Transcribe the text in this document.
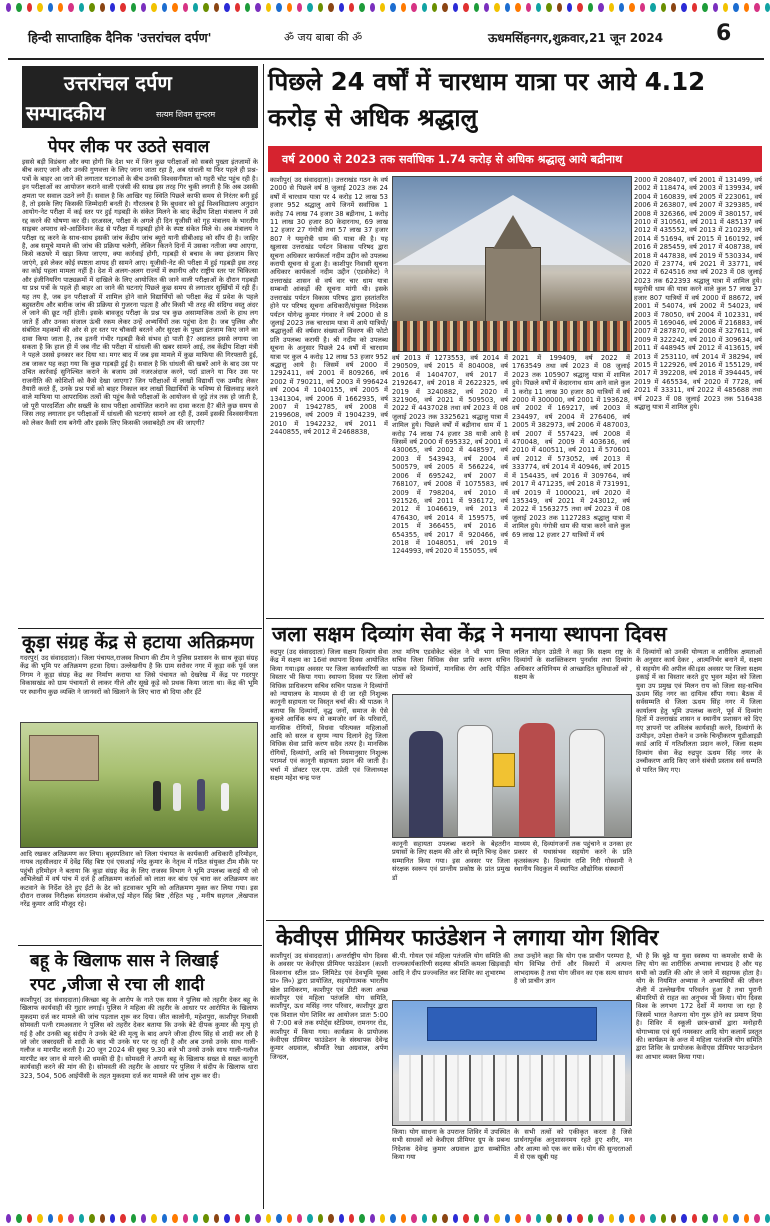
हिन्दी साप्ताहिक दैनिक 'उत्तरांचल दर्पण'	ॐ जय बाबा की ॐ	ऊधमसिंहनगर,शुक्रवार,21 जून 2024 6
उत्तरांचल दर्पण
सम्पादकीय	सत्यम शिवम सुन्दरम
पेपर लीक पर उठते सवाल
इससे बड़ी विडंबना और क्या होगी कि देश भर में जिन कुछ परीक्षाओं को सबसे पुख्ता इंतजामों के बीच कराए जाने और उनकी गुणवत्ता के लिए जाना जाता रहा है, अब धांधली या फिर पहले ही प्रश्न-पत्रों के बाहर आ जाने की लगातार घटनाओं के बीच उनकी विश्वसनीयता को गहरी चोट पहुंच रही है। इन परीक्षाओं का आयोजन कराने वाली एजंसी की साख इस तरह गिर चुकी लगती है कि अब उसकी क्षमता पर सवाल उठने लगे हैं। सवाल है कि आखिर यह स्थिति पिछले काफी समय से निरंतर बनी हुई है, तो इसके लिए किसकी जिम्मेदारी बनती है। गौरतलब है कि बुधवार को हुई विश्वविद्यालय अनुदान आयोग-नेट परीक्षा में कई स्तर पर हुई गड़बड़ी के संकेत मिलने के बाद केंद्रीय शिक्षा मंत्रालय ने उसे रद्द करने की घोषणा कर दी। दरअसल, परीक्षा के अगले ही दिन यूजीसी को गृह मंत्रालय के भारतीय साइबर अपराध को-आर्डिनेशन केंद्र से परीक्षा में गड़बड़ी होने के स्पष्ट संकेत मिले थे। अब मंत्रालय ने परीक्षा रद्द करने के साथ-साथ इसकी जांच केंद्रीय जांच ब्यूरो यानी सीबीआइ को सौंप दी है। जाहिर है, अब समूचे मामले की जांच की प्रक्रिया चलेगी, लेकिन कितने दिनों में उसका नतीजा क्या आएगा, किसे कठघरे में खड़ा किया जाएगा, क्या कार्रवाई होगी, गड़बड़ी से बचाव के क्या इंतजाम किए जाएंगे, इसे लेकर कोई स्पष्टता शायद ही सामने आए। यूजीसी-नेट की परीक्षा में हुई गड़बड़ी इस तरह का कोई पहला मामला नहीं है। देश में अलग-अलग राज्यों में स्थानीय और राष्ट्रीय स्तर पर चिकित्सा और इंजीनियरिंग पाठ्यक्रमों में दाखिले के लिए आयोजित की जाने वाली परीक्षाओं के दौरान गड़बड़ी या प्रश्न पत्रों के पहले ही बाहर आ जाने की घटनाएं पिछले कुछ समय से लगातार सुर्खियों में रही हैं। यह तय है, जब इन परीक्षाओं में शामिल होने वाले विद्यार्थियों को परीक्षा केंद्र में प्रवेश के पहले बहुस्तरीय और बारीक जांच की प्रक्रिया से गुजरना पड़ता है और किसी भी तरह की संदिग्ध वस्तु अंदर ले जाने की छूट नहीं होती। इसके बावजूद परीक्षा के प्रश्न पत्र कुछ असामाजिक तत्वों के हाथ लग जाते हैं और उनका संजाल ऊंची रकम लेकर उन्हें अभ्यर्थियों तक पहुंचा देता है। जब पुलिस और संबंधित महकमों की ओर से हर स्तर पर चौकसी बरतने और सुरक्षा के पुख्ता इंतजाम किए जाने का दावा किया जाता है, तब इतनी गंभीर गड़बड़ी कैसे संभव हो पाती है? अदालत इससे लगाया जा सकता है कि हाल ही में जब नीट की परीक्षा में धांधली की खबर सामने आई, तब केंद्रीय शिक्षा मंत्री ने पहले उससे इनकार कर दिया था। मगर बाद में जब इस मामले में कुछ माफिया की गिरफ्तारी हुई, तब जाकर यह कहा गया कि कुछ गड़बड़ी हुई है। सवाल है कि धांधली की खबरें आने के बाद उस पर उचित कार्रवाई सुनिश्चित कराने के बजाय उसे नजरअंदाज करने, पर्दा डालने या फिर उस पर राजनीति की कोशिशों को कैसे देखा जाएगा? जिन परीक्षाओं में लाखों विद्यार्थी एक उम्मीद लेकर तैयारी करते हैं, उनके प्रश्न पत्रों को बाहर निकाल कर लाखों विद्यार्थियों के भविष्य से खिलवाड़ करने वाले माफिया या आपराधिक तत्वों की पहुंच कैसे परीक्षाओं के आयोजन से जुड़े तंत्र तक हो जाती है, जो पूरी पारदर्शिता और सख्ती के साथ परीक्षा आयोजित कराने का दावा करता है? बीते कुछ समय से जिस तरह लगातार इन परीक्षाओं में धांधली की घटनाएं सामने आ रही हैं, उसमें इसकी विश्वसनीयता को लेकर कैसी राय बनेगी और इसके लिए किसकी जवाबदेही तय की जाएगी?
पिछले 24 वर्षों में चारधाम यात्रा पर आये 4.12 करोड़ से अधिक श्रद्धालु
वर्ष 2000 से 2023 तक सर्वाधिक 1.74 करोड़ से अधिक श्रद्धालु आये बद्रीनाथ
काशीपुर( उद संवाददाता)। उत्तराखंड गठन के वर्ष 2000 से पिछले वर्ष 8 जुलाई 2023 तक 24 वर्षों में चारधाम यात्रा पर 4 करोड़ 12 लाख 53 हजार 952 श्रद्धालु आये जिनमें सर्वाधिक 1 करोड़ 74 लाख 74 हजार 38 बद्रीनाथ, 1 करोड़ 11 लाख 30 हजार 80 केदारनाथ, 69 लाख 12 हजार 27 गंगोत्री तथा 57 लाख 37 हजार 807 ने यमुनोत्री धाम की यात्रा की है। यह खुलासा उत्तराखंड पर्यटन विकास परिषद द्वारा सूचना अधिकार कार्यकर्ता नदीम उद्दीन को उपलब्ध करायी सूचना से हुआ है। काशीपुर निवासी सूचना अधिकार कार्यकर्ता नदीम उद्दीन (एडवोकेट) ने उत्तराखंड शासन से वर्ष वार चार धाम यात्रा सम्बन्धी आंकड़ों की सूचना मांगी थी। इसके उत्तराखंड पर्यटन विकास परिषद द्वारा हस्तांतरित होने पर परिषद सूचना अधिकारी/संयुक्त निदेशक पर्यटन योगेन्द्र कुमार गंगवार ने वर्ष 2000 से 8 जुलाई 2023 तक चारधाम यात्रा में आये यात्रियों/श्रद्धालुओं की वर्षवार संख्याओं विवरण की फोटो प्रति उपलब्ध करायी है। श्री नदीम को उपलब्ध सूचना के अनुसार पिछले 24 वर्षों में चारधाम यात्रा पर कुल 4 करोड़ 12 लाख 53 हजार 952 श्रद्धालु आये है। जिसमें वर्ष 2000 में 1292411, वर्ष 2001 में 809266, वर्ष 2002 में 790211, वर्ष 2003 में 996424 वर्ष 2004 में 1040155, वर्ष 2005 में 1341304, वर्ष 2006 में 1662935, वर्ष 2007 में 1942785, वर्ष 2008 में 2199608, वर्ष 2009 में 1904239, वर्ष 2010 में 1942232, वर्ष 2011 में 2440855, वर्ष 2012 में 2468838,
2000 में 208407, वर्ष 2001 में 131499, वर्ष 2002 में 118474, वर्ष 2003 में 139934, वर्ष 2004 में 160839, वर्ष 2005 में 223061, वर्ष 2006 में 263807, वर्ष 2007 में 329385, वर्ष 2008 में 326366, वर्ष 2009 में 380157, वर्ष 2010 में 310561, वर्ष 2011 में 485137 वर्ष 2012 में 435552, वर्ष 2013 में 210239, वर्ष 2014 में 51694, वर्ष 2015 में 160192, वर्ष 2016 में 285459, वर्ष 2017 में 408738, वर्ष 2018 में 447838, वर्ष 2019 में 530334, वर्ष 2020 में 23774, वर्ष 2021 में 33771, वर्ष 2022 में 624516 तथा वर्ष 2023 में 08 जुलाई 2023 तक 622393 श्रद्धालु यात्रा में शामिल हुये। यमुनोत्री धाम की यात्रा करने वाले कुल 57 लाख 37 हजार 807 यात्रियों में वर्ष 2000 में 88672, वर्ष 2001 में 54074, वर्ष 2002 में 54023, वर्ष 2003 में 78050, वर्ष 2004 में 102331, वर्ष 2005 में 169046, वर्ष 2006 में 216883, वर्ष 2007 में 287870, वर्ष 2008 में 327611, वर्ष 2009 में 322242, वर्ष 2010 में 309634, वर्ष 2011 में 448945 वर्ष 2012 में 413615, वर्ष 2013 में 253110, वर्ष 2014 में 38294, वर्ष 2015 में 122926, वर्ष 2016 में 155129, वर्ष 2017 में 392208, वर्ष 2018 में 394445, वर्ष 2019 में 465534, वर्ष 2020 में 7728, वर्ष 2021 में 33311, वर्ष 2022 में 485688 तथा वर्ष 2023 में 08 जुलाई 2023 तक 516438 श्रद्धालु यात्रा में शामिल हुये।
वर्ष 2013 में 1273553, वर्ष 2014 में 290509, वर्ष 2015 में 804008, वर्ष 2016 में 1404707, वर्ष 2017 में 2192647, वर्ष 2018 में 2622325, वर्ष 2019 में 3240882, वर्ष 2020 में 321906, वर्ष 2021 में 509503, वर्ष 2022 में 4437028 तथा वर्ष 2023 में 08 जुलाई 2023 तक 3325621 श्रद्धालु यात्रा में शामिल हुये। पिछले वर्षों में बद्रीनाथ धाम में 1 करोड़ 74 लाख 74 हजार 38 यात्री आये है जिसमें वर्ष 2000 में 695332, वर्ष 2001 में 430065, वर्ष 2002 में 448597, वर्ष 2003 में 543943, वर्ष 2004 में 500579, वर्ष 2005 में 566224, वर्ष 2006 में 695242, वर्ष 2007 में 768107, वर्ष 2008 में 1075583, वर्ष 2009 में 798204, वर्ष 2010 में 921526, वर्ष 2011 में 936172, वर्ष 2012 में 1046619, वर्ष 2013 में 476430, वर्ष 2014 में 159575, वर्ष 2015 में 366455, वर्ष 2016 में 654355, वर्ष 2017 में 920466, वर्ष 2018 में 1048051, वर्ष 2019 में 1244993, वर्ष 2020 में 155055, वर्ष
2021 में 199409, वर्ष 2022 में 1763549 तथा वर्ष 2023 में 08 जुलाई 2023 तक 105907 श्रद्धालु यात्रा में शामिल हुये। पिछले वर्षों में केदारनाथ धाम आने वाले कुल 1 करोड़ 11 लाख 30 हजार 80 यात्रियों में वर्ष 2000 में 300000, वर्ष 2001 में 193628, वर्ष 2002 में 169217, वर्ष 2003 में 234497, वर्ष 2004 में 276406, वर्ष 2005 में 382973, वर्ष 2006 में 487003, वर्ष 2007 में 557423, वर्ष 2008 में 470048, वर्ष 2009 में 403636, वर्ष 2010 में 400511, वर्ष 2011 में 570601 वर्ष 2012 में 573052, वर्ष 2013 में 333774, वर्ष 2014 में 40946, वर्ष 2015 में 154435, वर्ष 2016 में 309764, वर्ष 2017 में 471235, वर्ष 2018 में 731991, वर्ष 2019 में 1000021, वर्ष 2020 में 135349, वर्ष 2021 में 243012, वर्ष 2022 में 1563275 तथा वर्ष 2023 में 08 जुलाई 2023 तक 1127283 श्रद्धालु यात्रा में शामिल हुये। गंगोत्री धाम की यात्रा करने वाले कुल 69 लाख 12 हजार 27 यात्रियों में वर्ष
कूड़ा संग्रह केंद्र से हटाया अतिक्रमण
गदरपुर( उद संवाददाता)। जिला पंचायत,राजस्व विभाग की टीम ने पुलिस प्रशासन के साथ कूड़ा संग्रह केंद्र की भूमि पर अतिक्रमण हटवा दिया। उल्लेखनीय है कि ग्राम सरोवर नगर में कूड़ा वर्क पूर्व जल निगम ने कूड़ा संग्रह केंद्र का निर्माण कराया था जिसे पंचायत को देखरेख में केंद्र पर गदरपुर विकासखंड को ग्राम पंचायतों से लाकर गीले और सूखे कूड़े को प्रथक किया जाता था। केंद्र की भूमि पर स्थानीय कुछ व्यक्ति ने जानवरों को खिलाने के लिए चारा बो दिया और ईंटें
आदि रखकर अतिक्रमण कर लिया। बृहस्पतिवार को जिला पंचायत के कार्यकारी अधिकारी हरिमोहन, नायब तहसीलदार में देवेंद्र सिंह बिष्ट एवं एसआई नरेंद्र कुमार के नेतृत्व में गठित संयुक्त टीम मौके पर पहुंची हरिमोहन ने बताया कि कूड़ा संग्रह केंद्र के लिए राजस्व विभाग ने भूमि उपलब्ध कराई थी जो अभिलेखों में वर्ष पांच में दर्ज है अतिक्रमण कर्ताओं को लाता कर बांध एवं चारा कर अतिक्रमण कर कटवाने के निर्देश देते हुए ईंटों के ढेर को हटवाकर भूमि को अतिक्रमण मुक्त कर लिया गया। इस दौरान राजस्व निरीक्षक संगतराम कंबोज,एई मोहन सिंह बिष्ट ,रोहित भट्ट , मनीष सहगल ,लेखपाल नरेंद्र कुमार आदि मौजूद रहे।
बहू के खिलाफ सास ने लिखाई
रपट ,जीजा से रचा ली शादी
काशीपुर( उद संवाददाता)।किच्छा बहू के आरोप के नाते एक सास ने पुलिस को तहरीर देकर बहू के खिलाफ कार्यवाही की गुहार लगाई। पुलिस ने महिला की तहरीर के आधार पर आरोपित के खिलाफ मुकदमा दर्ज कर मामले की जांच पड़ताल शुरू कर दिया। जीत कालोनी, महेशपुरा, काशीपुर निवासी सोमवती पत्नी रामअवतार ने पुलिस को तहरीर देकर बताया कि उनके बेटे दीपक कुमार की मृत्यु हो गई है और उनकी बहू संदीप ने उनके बेटे की मृत्यु के बाद अपने जीजा हीरय सिंह से शादी कर ली है जो जोर जबरदस्ती से शादी के बाद भी उनके घर पर रह रही है और अब उनसे उनके साथ गाली-गलौज व मारपीट करती है। 20 जून 2024 की सुबह 9.30 बजे भी उनसे उनके साथ गाली-गलौज मारपीट कर जान से मारने की धमकी दी है। सोमवती ने अपनी बहू के खिलाफ सख्त से सख्त कानूनी कार्यवाही करने की मांग की है। सोमवती की तहरीर के आधार पर पुलिस ने संदीप के खिलाफ धारा 323, 504, 506 आईपीसी के तहत मुकदमा दर्ज कर मामले की जांच शुरू कर दी।
जला सक्षम दिव्यांग सेवा केंद्र ने मनाया स्थापना दिवस
रुद्रपुर (उद संवाददाता) जिला सक्षम दिव्यांग सेवा केंद्र में सक्षम का 16वां स्थापना दिवस आयोजित किया गया।इस अवसर पर जिला कार्यकारिणी का विस्तार भी किया गया। स्थापना दिवस पर जिला विधिक प्राधिकरण सचिव सचिन पाठक ने दिव्यांगों को न्यायालय के माध्यम से दी जा रही निशुल्क कानूनी सहायता पर विस्तृत चर्चा की। श्री पाठक ने बताया कि दिव्यांगों, वृद्ध जनों, समाज के ऐसे कुचले आर्थिक रूप से कमजोर वर्ग के परिवारों, मानसिक रोगियों, विधवा परित्यक्त महिलाओं आदि को सरल व सुगम न्याय दिलाने हेतु जिला विधिक सेवा प्राधि करण सदैव तत्पर है। मानसिक रोगियों, दिव्यांगों, आदि को नियमानुसार निशुल्क परामर्श एवं कानूनी सहायता प्रदान की जाती है। चर्चा में डॉक्टर एल.एम. उप्रेती एवं जिलाध्यक्ष सक्षम महेश चन्द्र पन्त
तथा मनिष एडवोकेट चंदेल ने भी भाग लिया सचिव जिला विधिक सेवा प्राधि करण सचिन पाठक को दिव्यांगों, मानसिक रोग आदि पीड़ित लोगों को
ललित मोहन उप्रेती ने कहा कि सक्षम राष्ट्र के दिव्यांगों के सशक्तिकरण पुनर्वास तथा दिव्यांग अधिकार अधिनियम से आच्छादित सुविधाओं को , सक्षम के
कानूनी सहायता उपलब्ध कराने के बेहतरीन प्रयासों के लिए सक्षम की ओर से स्मृति चिन्ह देकर सम्मानित किया गया। इस अवसर पर जिला संरक्षक स्वरूप एवं प्रान्तीय प्रकोष्ठ के प्रांत प्रमुख डॉ
माध्यम से, दिव्यांगजनों तक पहुंचाने व उनका हर प्रकार से यथासंभव सहयोग करने के प्रति कृतसंकल्प है। दिव्यांग राशि गिरी गोस्वामी ने स्थानीय विदकुल में स्थापित औद्योगिक संस्थानों
में दिव्यांगों को उनकी योग्यता व शारीरिक क्षमताओं के अनुसार कार्य देकर , आत्मनिर्भर बनाने में, सक्षम से सहयोग की अपील की।इस अवसर पर जिला सक्षम इकाई में का विस्तार करते हुए भुवन महेश को जिला युवा उप प्रमुख एवं मिलन राय को जिला सह-सचिव ऊधम सिंह नगर का दायित्व सौंपा गया। बैठक में सर्वसम्मति से जिला ऊधम सिंह नगर में जिला कार्यालय हेतु भूमि उपलब्ध कराने, पूर्व में दिव्यांग हितों में उत्तराखंड शासन व स्थानीय प्रशासन को दिए गए ज्ञापनों पर अविलंब कार्यवाही करने, दिव्यांगों के उत्पीड़न, उपेक्षा रोकने व उनके चिन्हीकरण यूडीआइडी कार्ड आदि में गतिशीलता प्रदान करने, जिला सक्षम दिव्यांग सेवा केंद्र रुद्रपुर ऊधम सिंह नगर के उच्चीकरण आदि किए जाने संबंधी प्रस्ताव सर्व सम्मति से पारित किए गए।
केवीएस प्रीमियर फाउंडेशन ने लगाया योग शिविर
काशीपुर( उद संवाददाता)। अन्तर्राष्ट्रीय योग दिवस के अवसर पर केवीएस प्रीमियर फाउंडेशन (काशी विश्वनाथ स्टील प्रा० लिमिटेड एवं देवभूमि यूक्स प्रा० लि०) द्वारा प्रायोजित, सहयोगात्मक भारतीय खेल प्राधिकरण, काशीपुर एवं डीटी कला अच्छ काशीपुर एवं महिला पतंजलि योग समिति, काशीपुर, ऊध मसिंह नगर परिवार, काशीपुर द्वारा एक विशाल योग शिविर का आयोजन प्रातः 5:00 से 7:00 बजे तक स्पोर्ट्स स्टेडियम, रामनगर रोड, काशीपुर में किया गया। कार्यक्रम के प्रायोजक केवीएस प्रीमियर फाउंडेशन के संस्थापक देवेन्द्र कुमार अग्रवाल, श्रीमति रेखा अग्रवाल, अर्पण जिन्दल,
बी.पी. गोयल एवं महिला पतंजलि योग समिति की राज्यकार्यकारिणी सदस्या श्रीमति कमला खिड़वाड़ी आदि ने दीप प्रज्ज्वलित कर शिविर का शुभारम्भ
तथा उन्होंने कहा कि योग एक प्राचीन परम्परा है, योग विभिन्न रोगों और विकारों में अत्यन्त लाभदायक है तथा योग जीवन का एक सत्य साधन है जो प्राचीन ज्ञान
किया। योग साधना के उपरान्त शिविर में उपस्थित सभी साधकों को केवीएस प्रीमियर ग्रुप के प्रबन्ध निदेशक देवेन्द्र कुमार अग्रवाल द्वारा सम्बोधित किया गया
के सभी तत्वों को एकीकृत करता है जिसे प्रार्थनापूर्वक अनुशासनमय रहते हुए शरीर, मन और आत्मा को एक कर सकें। योग की सुन्दरताओं में से एक खूबी यह
भी है कि बूढ़े या युवा स्वस्थ्य या कमजोर सभी के लिए योग का शारीरिक अभ्यास लाभप्रद है और यह सभी को उन्नति की ओर ले जाने में सहायक होता है। योग के नियमित अभ्यास ने अभ्यासियों की जीवन शैली में उल्लेखनीय परिवर्तन हुआ है तथा पुरानी बीमारियों से राहत का अनुभव भी किया। योग दिवस विश्व के लगभग 172 देशों में मनाया जा रहा है जिसमें भारत नेअपना योग गुरू होने का प्रमाण दिया है। शिविर में स्कूली छात्र-छात्रों द्वारा मनोहारी योगाभ्यास एवं सूर्य नमस्कार आदि योग कलायें प्रस्तुत की। कार्यक्रम के अन्त में महिला पतंजलि योग समिति द्वारा शिविर के प्रायोजक केवीएस प्रीमियर फाउन्डेशन का आभार व्यक्त किया गया।
